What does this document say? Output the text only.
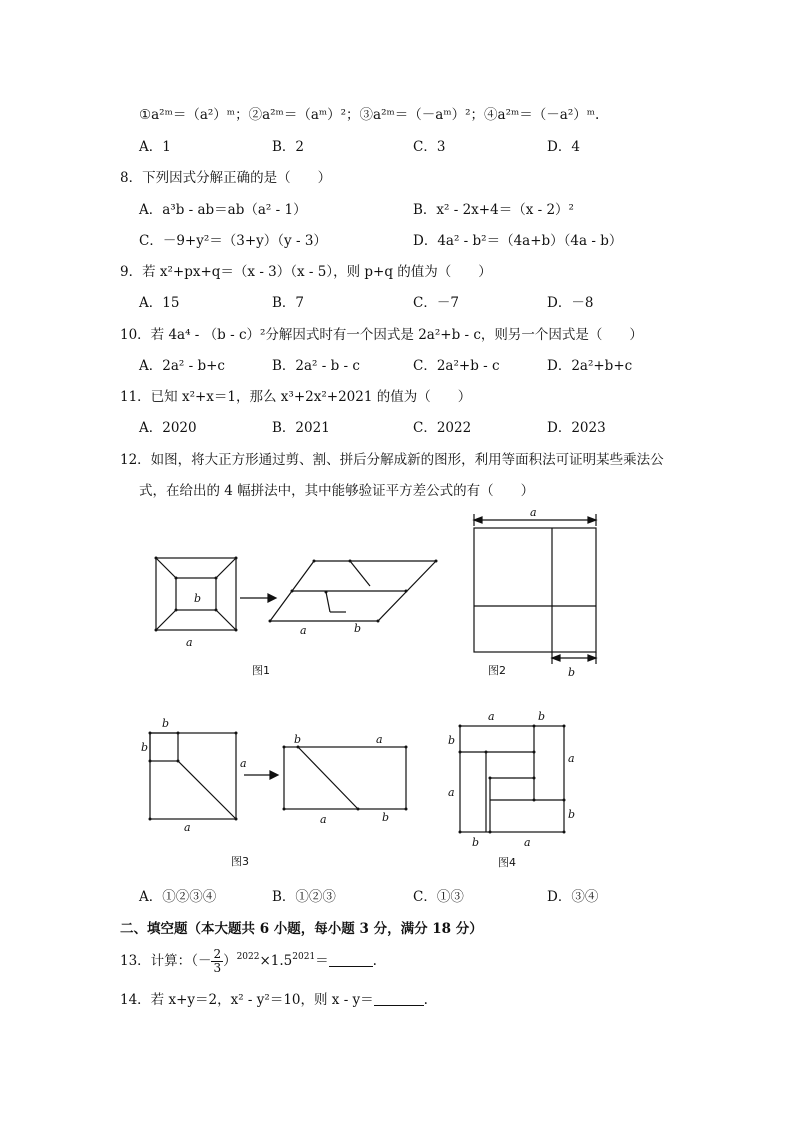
①a²ᵐ＝（a²）ᵐ；②a²ᵐ＝（aᵐ）²；③a²ᵐ＝（－aᵐ）²；④a²ᵐ＝（－a²）ᵐ.
A．1	B．2	C．3	D．4
8．下列因式分解正确的是（　　）
A．a³b - ab＝ab（a² - 1）	B．x² - 2x+4＝（x - 2）²
C．－9+y²＝（3+y）（y - 3）	D．4a² - b²＝（4a+b）（4a - b）
9．若 x²+px+q＝（x - 3）（x - 5），则 p+q 的值为（　　）
A．15	B．7	C．－7	D．－8
10．若 4a⁴ - （b - c）²分解因式时有一个因式是 2a²+b - c，则另一个因式是（　　）
A．2a² - b+c	B．2a² - b - c	C．2a²+b - c	D．2a²+b+c
11．已知 x²+x＝1，那么 x³+2x²+2021 的值为（　　）
A．2020	B．2021	C．2022	D．2023
12．如图，将大正方形通过剪、割、拼后分解成新的图形，利用等面积法可证明某些乘法公
式，在给出的 4 幅拼法中，其中能够验证平方差公式的有（　　）
b
a
a	b
图1
a
b
图2
b
b
a
a
b	a
a	b
图3
a	b
b
a
a
b
b	a
图4
A．①②③④	B．①②③	C．①③	D．③④
二、填空题（本大题共 6 小题，每小题 3 分，满分 18 分）
13．计算：（－ $\frac{2}{3} )^{2022}\times 1.5^{2021}=$	.
14．若 x+y＝2，x² - y²＝10，则 x - y＝	.
